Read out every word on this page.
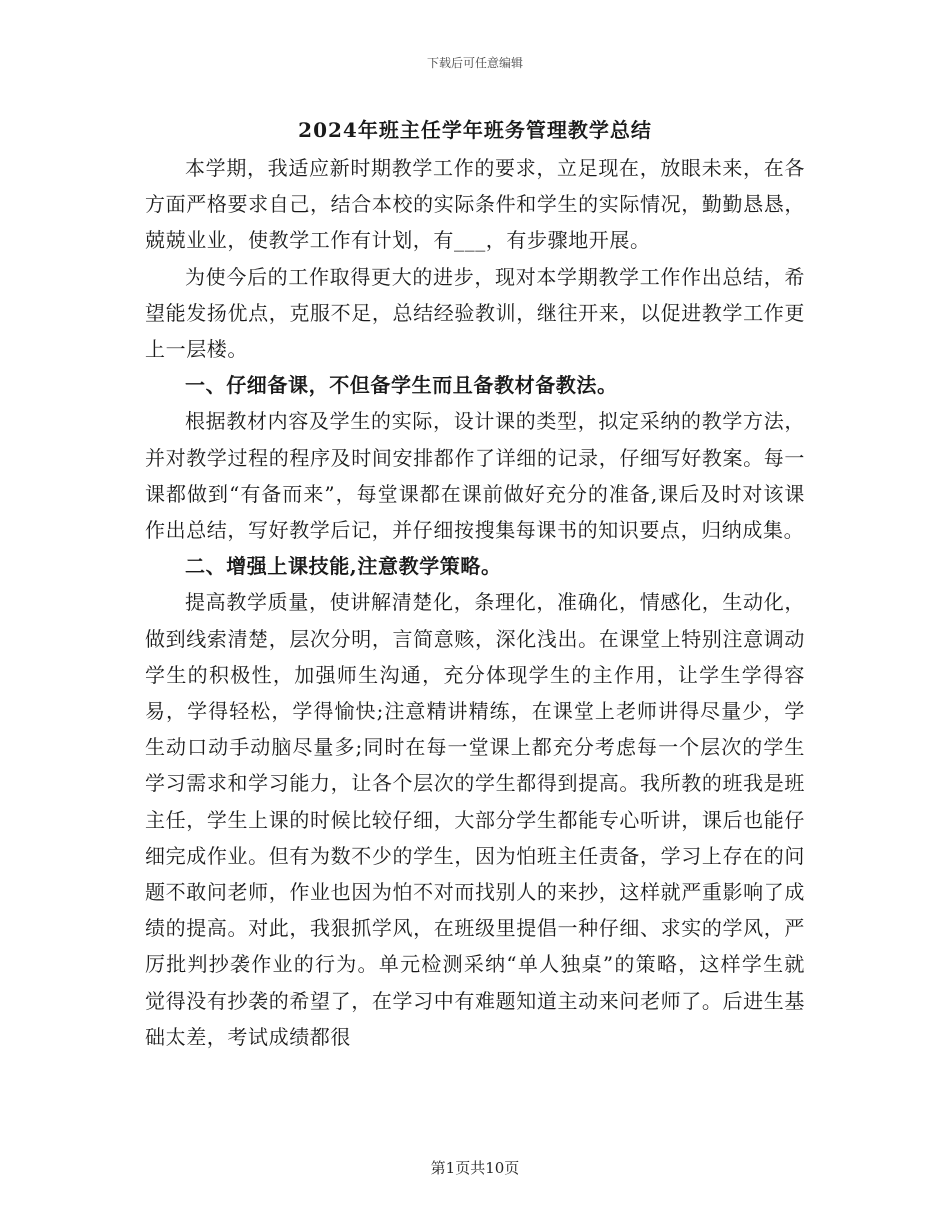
下载后可任意编辑
2024年班主任学年班务管理教学总结

本学期，我适应新时期教学工作的要求，立足现在，放眼未来，在各方面严格要求自己，结合本校的实际条件和学生的实际情况，勤勤恳恳，兢兢业业，使教学工作有计划，有___，有步骤地开展。

为使今后的工作取得更大的进步，现对本学期教学工作作出总结，希望能发扬优点，克服不足，总结经验教训，继往开来，以促进教学工作更上一层楼。

一、仔细备课，不但备学生而且备教材备教法。

根据教材内容及学生的实际，设计课的类型，拟定采纳的教学方法，并对教学过程的程序及时间安排都作了详细的记录，仔细写好教案。每一课都做到“有备而来”，每堂课都在课前做好充分的准备,课后及时对该课作出总结，写好教学后记，并仔细按搜集每课书的知识要点，归纳成集。

二、增强上课技能,注意教学策略。

提高教学质量，使讲解清楚化，条理化，准确化，情感化，生动化，做到线索清楚，层次分明，言简意赅，深化浅出。在课堂上特别注意调动学生的积极性，加强师生沟通，充分体现学生的主作用，让学生学得容易，学得轻松，学得愉快;注意精讲精练，在课堂上老师讲得尽量少，学生动口动手动脑尽量多;同时在每一堂课上都充分考虑每一个层次的学生学习需求和学习能力，让各个层次的学生都得到提高。我所教的班我是班主任，学生上课的时候比较仔细，大部分学生都能专心听讲，课后也能仔细完成作业。但有为数不少的学生，因为怕班主任责备，学习上存在的问题不敢问老师，作业也因为怕不对而找别人的来抄，这样就严重影响了成绩的提高。对此，我狠抓学风，在班级里提倡一种仔细、求实的学风，严厉批判抄袭作业的行为。单元检测采纳“单人独桌”的策略，这样学生就觉得没有抄袭的希望了，在学习中有难题知道主动来问老师了。后进生基础太差，考试成绩都很

第1页共10页
